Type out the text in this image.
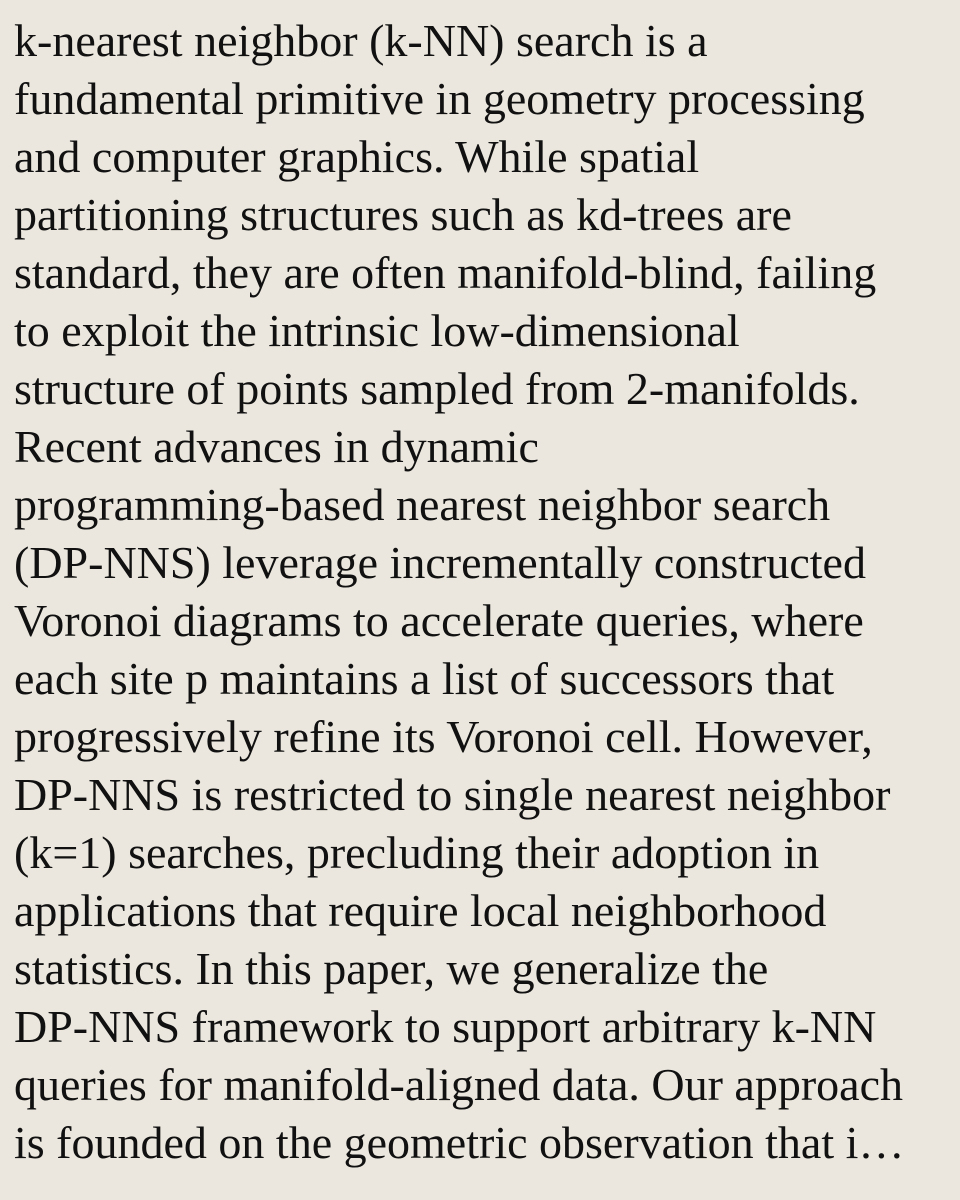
k-nearest neighbor (k-NN) search is a
fundamental primitive in geometry processing
and computer graphics. While spatial
partitioning structures such as kd-trees are
standard, they are often manifold-blind, failing
to exploit the intrinsic low-dimensional
structure of points sampled from 2-manifolds.
Recent advances in dynamic
programming-based nearest neighbor search
(DP-NNS) leverage incrementally constructed
Voronoi diagrams to accelerate queries, where
each site p maintains a list of successors that
progressively refine its Voronoi cell. However,
DP-NNS is restricted to single nearest neighbor
(k=1) searches, precluding their adoption in
applications that require local neighborhood
statistics. In this paper, we generalize the
DP-NNS framework to support arbitrary k-NN
queries for manifold-aligned data. Our approach
is founded on the geometric observation that i…
